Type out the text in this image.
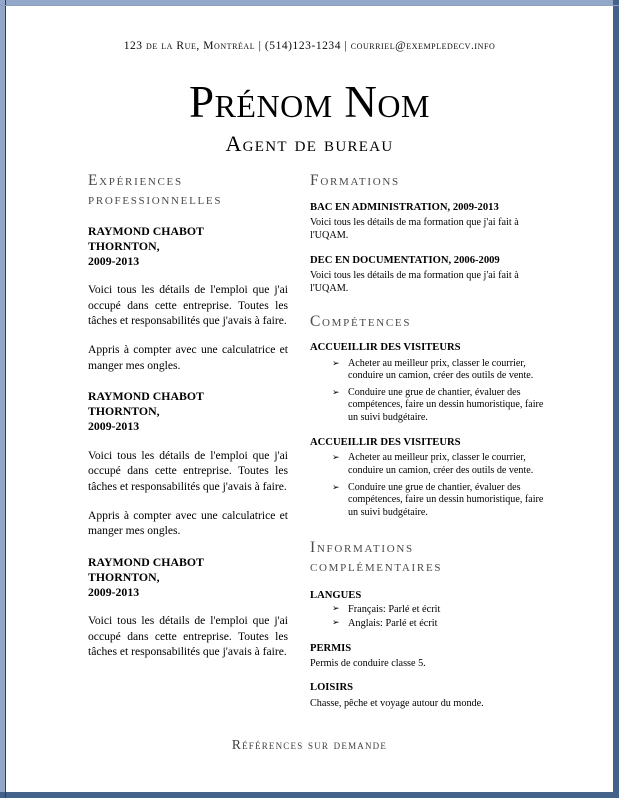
123 de la Rue, Montréal | (514)123-1234 | courriel@exempledecv.info
Prénom Nom
Agent de bureau
Expériences
professionnelles
RAYMOND CHABOT
THORNTON,
2009-2013

Voici tous les détails de l'emploi que j'ai occupé dans cette entreprise. Toutes les tâches et responsabilités que j'avais à faire.

Appris à compter avec une calculatrice et manger mes ongles.

RAYMOND CHABOT
THORNTON,
2009-2013

Voici tous les détails de l'emploi que j'ai occupé dans cette entreprise. Toutes les tâches et responsabilités que j'avais à faire.

Appris à compter avec une calculatrice et manger mes ongles.

RAYMOND CHABOT
THORNTON,
2009-2013

Voici tous les détails de l'emploi que j'ai occupé dans cette entreprise. Toutes les tâches et responsabilités que j'avais à faire.

Formations
BAC EN ADMINISTRATION, 2009-2013

Voici tous les détails de ma formation que j'ai fait à l'UQAM.

DEC EN DOCUMENTATION, 2006-2009

Voici tous les détails de ma formation que j'ai fait à l'UQAM.

Compétences
ACCUEILLIR DES VISITEURS
➢ Acheter au meilleur prix, classer le courrier, conduire un camion, créer des outils de vente.
➢ Conduire une grue de chantier, évaluer des compétences, faire un dessin humoristique, faire un suivi budgétaire.
ACCUEILLIR DES VISITEURS
➢ Acheter au meilleur prix, classer le courrier, conduire un camion, créer des outils de vente.
➢ Conduire une grue de chantier, évaluer des compétences, faire un dessin humoristique, faire un suivi budgétaire.
Informations
complémentaires
LANGUES
➢ Français: Parlé et écrit
➢ Anglais: Parlé et écrit
PERMIS

Permis de conduire classe 5.

LOISIRS

Chasse, pêche et voyage autour du monde.

Références sur demande
